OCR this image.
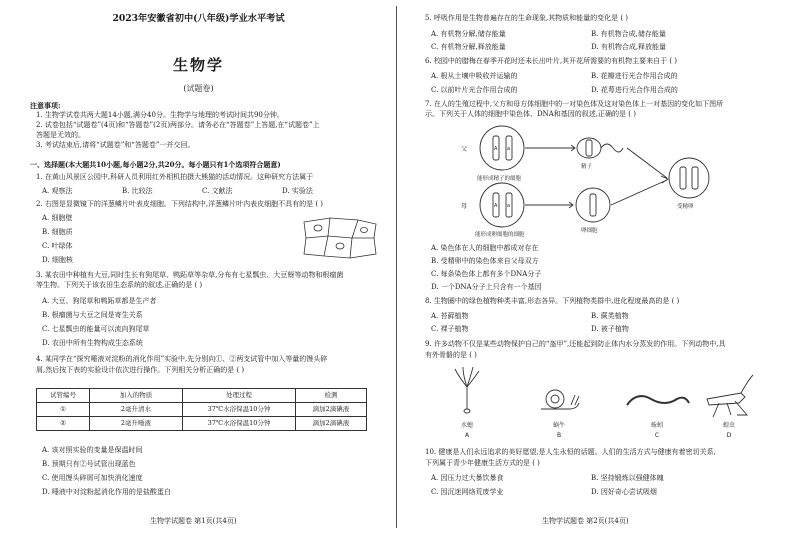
2023年安徽省初中(八年级)学业水平考试
生物学
(试题卷)
注意事项:
1. 生物学试卷共两大题14小题,满分40分。生物学与地理的考试时间共90分钟。
2. 试卷包括“试题卷”(4页)和“答题卷”(2页)两部分。请务必在“答题卷”上答题,在“试题卷”上
答题是无效的。
3. 考试结束后,请将“试题卷”和“答题卷”一并交回。
一、选择题(本大题共10小题,每小题2分,共20分。每小题只有1个选项符合题意)
1. 在黄山风景区公园中,科研人员利用红外相机拍摄大熊猫的活动情况。这种研究方法属于
A. 观察法	B. 比较法	C. 文献法	D. 实验法
2. 右图是显微镜下的洋葱鳞片叶表皮细胞。下列结构中,洋葱鳞片叶内表皮细胞不具有的是 ( )
A. 细胞壁
B. 细胞质
C. 叶绿体
D. 细胞核
3. 某农田中种植有大豆,同时生长有狗尾草、鸭跖草等杂草,分布有七星瓢虫、大豆蚜等动物和根瘤菌
等生物。下列关于该农田生态系统的叙述,正确的是 ( )
A. 大豆、狗尾草和鸭跖草都是生产者
B. 根瘤菌与大豆之间是寄生关系
C. 七星瓢虫的能量可以流向狗尾草
D. 农田中所有生物构成生态系统
4. 某同学在“探究唾液对淀粉的消化作用”实验中,先分别向①、②两支试管中加入等量的馒头碎
屑,然后按下表的实验设计依次进行操作。下列相关分析正确的是 ( )
试管编号	加入的物质	处理过程	检测
①	2毫升清水	37℃水浴保温10分钟	滴加2滴碘液
②	2毫升唾液	37℃水浴保温10分钟	滴加2滴碘液
A. 该对照实验的变量是保温时间
B. 预期只有②号试管出现蓝色
C. 使用馒头碎屑可加快消化速度
D. 唾液中对淀粉起消化作用的是盐酸蛋白
生物学试题卷 第1页(共4页)
5. 呼吸作用是生物普遍存在的生命现象,其物质和能量的变化是 ( )
A. 有机物分解,储存能量	B. 有机物合成,储存能量
C. 有机物分解,释放能量	D. 有机物合成,释放能量
6. 校园中的腊梅在春季开花时还未长出叶片,其开花所需要的有机物主要来自于 ( )
A. 根从土壤中吸收并运输的	B. 花瓣进行光合作用合成的
C. 以前叶片光合作用合成的	D. 花萼进行光合作用合成的
7. 在人的生殖过程中,父方和母方体细胞中的一对染色体及这对染色体上一对基因的变化如下图所
示。下列关于人体的细胞中染色体、DNA和基因的叙述,正确的是 ( )
父
母
A a
A a
能形成精子的细胞
能形成卵细胞的细胞
精子
卵细胞
受精卵
A. 染色体在人的细胞中都成对存在
B. 受精卵中的染色体来自父母双方
C. 每条染色体上都有多个DNA分子
D. 一个DNA分子上只含有一个基因
8. 生物圈中的绿色植物种类丰富,形态各异。下列植物类群中,进化程度最高的是 ( )
A. 苔藓植物	B. 蕨类植物
C. 裸子植物	D. 被子植物
9. 许多动物不仅是某些动物保护自己的“盔甲”,还能起到防止体内水分蒸发的作用。下列动物中,具
有外骨骼的是 ( )
水螅
A
蜗牛
B
蚯蚓
C
蝗虫
D
10. 健康是人们永远追求的美好愿望,是人生永恒的话题。人们的生活方式与健康有着密切关系,
下列属于青少年健康生活方式的是 ( )
A. 因压力过大暴饮暴食	B. 坚持锻炼以强健体魄
C. 因沉迷网络荒废学业	D. 因好奇心尝试吸烟
生物学试题卷 第2页(共4页)
